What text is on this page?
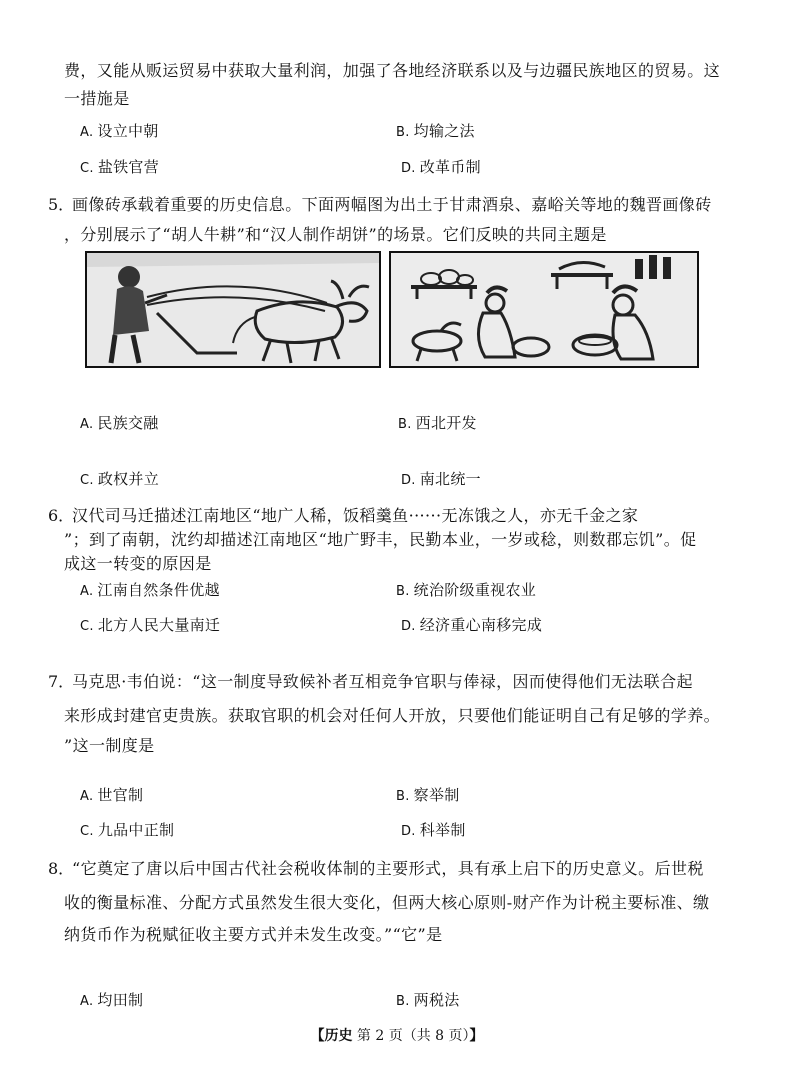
费，又能从贩运贸易中获取大量利润，加强了各地经济联系以及与边疆民族地区的贸易。这
一措施是
A. 设立中朝	B. 均输之法
C. 盐铁官营	D. 改革币制
5．
画像砖承载着重要的历史信息。下面两幅图为出土于甘肃酒泉、嘉峪关等地的魏晋画像砖
，分别展示了“胡人牛耕”和“汉人制作胡饼”的场景。它们反映的共同主题是
A. 民族交融	B. 西北开发
C. 政权并立	D. 南北统一
6．
汉代司马迁描述江南地区“地广人稀，饭稻羹鱼······无冻饿之人，亦无千金之家
”；到了南朝，沈约却描述江南地区“地广野丰，民勤本业，一岁或稔，则数郡忘饥”。促
成这一转变的原因是
A. 江南自然条件优越	B. 统治阶级重视农业
C. 北方人民大量南迁	D. 经济重心南移完成
7．
马克思·韦伯说：“这一制度导致候补者互相竞争官职与俸禄，因而使得他们无法联合起
来形成封建官吏贵族。获取官职的机会对任何人开放，只要他们能证明自己有足够的学养。
”这一制度是
A. 世官制	B. 察举制
C. 九品中正制	D. 科举制
8．
“它奠定了唐以后中国古代社会税收体制的主要形式，具有承上启下的历史意义。后世税
收的衡量标准、分配方式虽然发生很大变化，但两大核心原则-财产作为计税主要标准、缴
纳货币作为税赋征收主要方式并未发生改变。”“它”是
A. 均田制	B. 两税法
【历史 第 2 页（共 8 页）】
